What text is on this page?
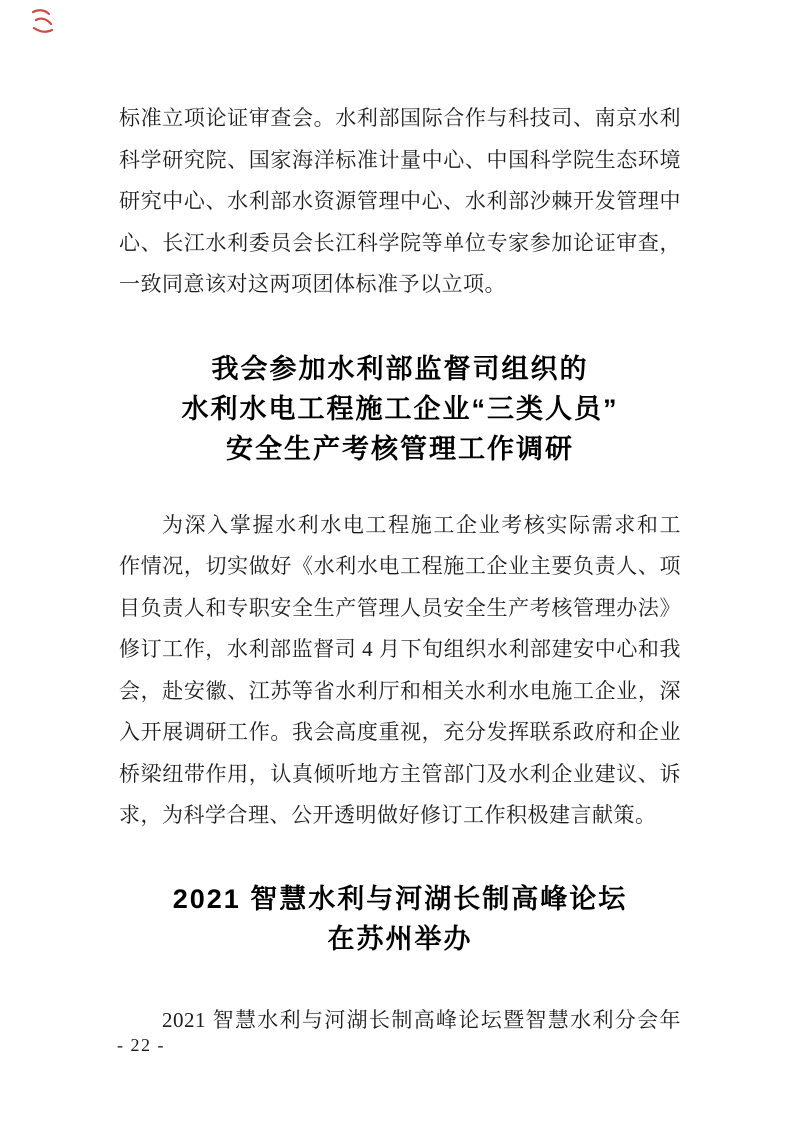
标准立项论证审查会。水利部国际合作与科技司、南京水利
科学研究院、国家海洋标准计量中心、中国科学院生态环境
研究中心、水利部水资源管理中心、水利部沙棘开发管理中
心、长江水利委员会长江科学院等单位专家参加论证审查，
一致同意该对这两项团体标准予以立项。
我会参加水利部监督司组织的
水利水电工程施工企业“三类人员”
安全生产考核管理工作调研
为深入掌握水利水电工程施工企业考核实际需求和工
作情况，切实做好《水利水电工程施工企业主要负责人、项
目负责人和专职安全生产管理人员安全生产考核管理办法》
修订工作，水利部监督司 4 月下旬组织水利部建安中心和我
会，赴安徽、江苏等省水利厅和相关水利水电施工企业，深
入开展调研工作。我会高度重视，充分发挥联系政府和企业
桥梁纽带作用，认真倾听地方主管部门及水利企业建议、诉
求，为科学合理、公开透明做好修订工作积极建言献策。
2021 智慧水利与河湖长制高峰论坛
在苏州举办
2021 智慧水利与河湖长制高峰论坛暨智慧水利分会年
- 22 -
